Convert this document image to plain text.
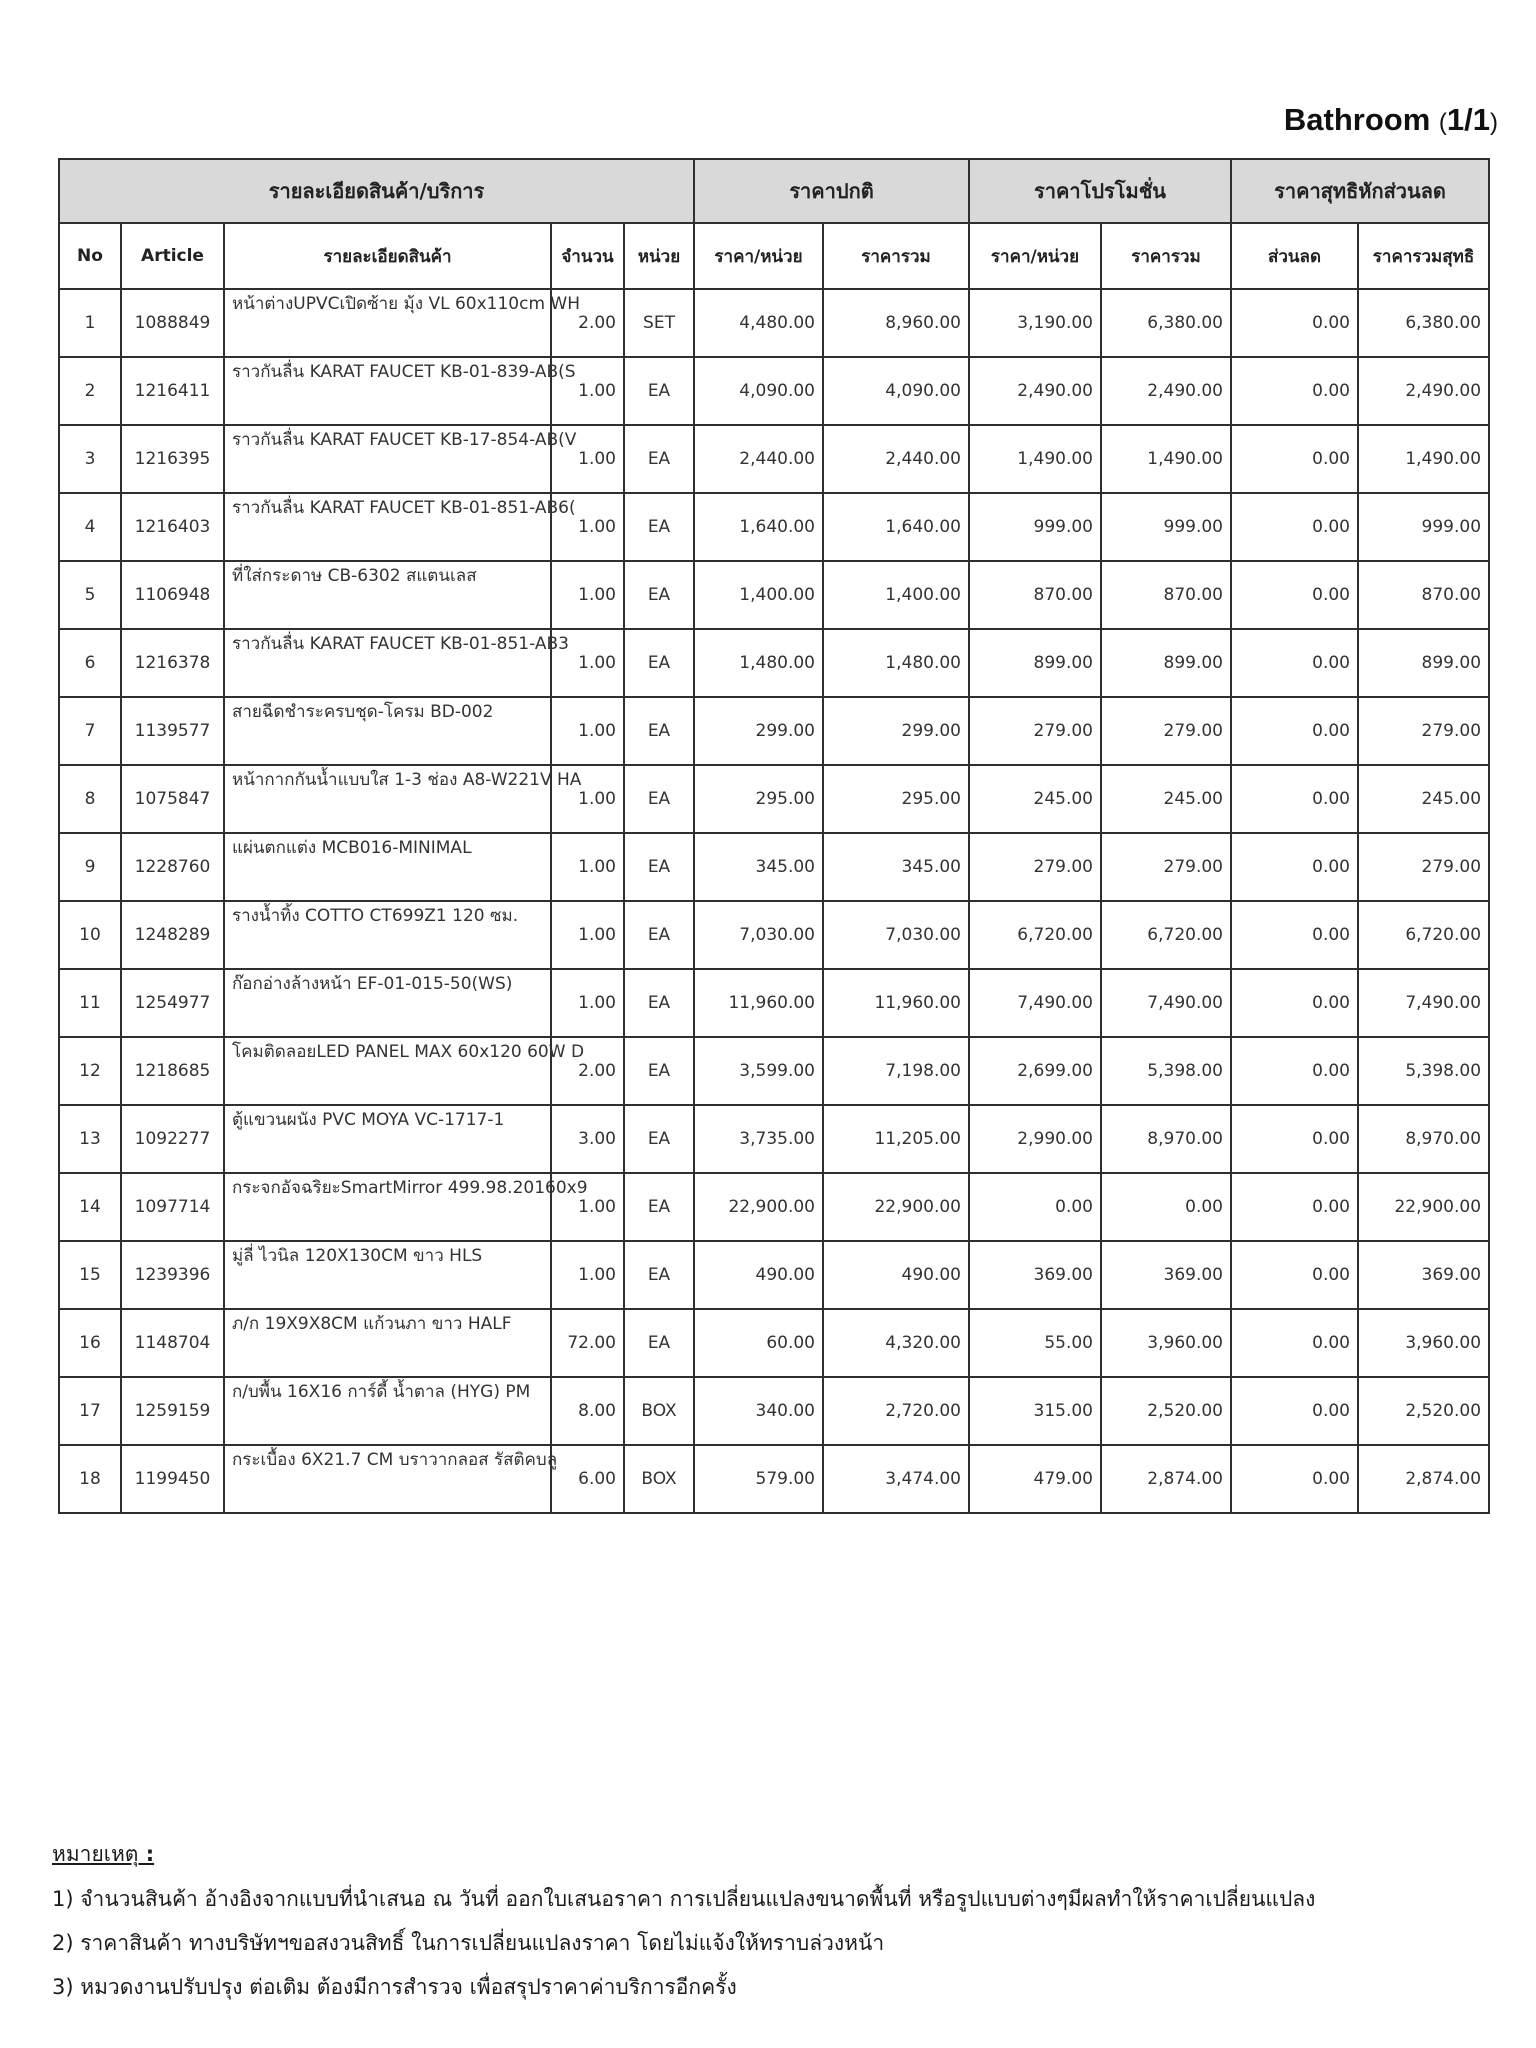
Bathroom (1/1)
รายละเอียดสินค้า/บริการ					ราคาปกติ		ราคาโปรโมชั่น		ราคาสุทธิหักส่วนลด	
No	Article	รายละเอียดสินค้า	จำนวน	หน่วย	ราคา/หน่วย	ราคารวม	ราคา/หน่วย	ราคารวม	ส่วนลด	ราคารวมสุทธิ
1	1088849	หน้าต่างUPVCเปิดซ้าย มุ้ง VL 60x110cm WH	2.00	SET	4,480.00	8,960.00	3,190.00	6,380.00	0.00	6,380.00
2	1216411	ราวกันลื่น KARAT FAUCET KB-01-839-AB(S	1.00	EA	4,090.00	4,090.00	2,490.00	2,490.00	0.00	2,490.00
3	1216395	ราวกันลื่น KARAT FAUCET KB-17-854-AB(V	1.00	EA	2,440.00	2,440.00	1,490.00	1,490.00	0.00	1,490.00
4	1216403	ราวกันลื่น KARAT FAUCET KB-01-851-AB6(	1.00	EA	1,640.00	1,640.00	999.00	999.00	0.00	999.00
5	1106948	ที่ใส่กระดาษ CB-6302 สแตนเลส	1.00	EA	1,400.00	1,400.00	870.00	870.00	0.00	870.00
6	1216378	ราวกันลื่น KARAT FAUCET KB-01-851-AB3	1.00	EA	1,480.00	1,480.00	899.00	899.00	0.00	899.00
7	1139577	สายฉีดชำระครบชุด-โครม BD-002	1.00	EA	299.00	299.00	279.00	279.00	0.00	279.00
8	1075847	หน้ากากกันน้ำแบบใส 1-3 ช่อง A8-W221V HA	1.00	EA	295.00	295.00	245.00	245.00	0.00	245.00
9	1228760	แผ่นตกแต่ง MCB016-MINIMAL	1.00	EA	345.00	345.00	279.00	279.00	0.00	279.00
10	1248289	รางน้ำทิ้ง COTTO CT699Z1 120 ซม.	1.00	EA	7,030.00	7,030.00	6,720.00	6,720.00	0.00	6,720.00
11	1254977	ก๊อกอ่างล้างหน้า EF-01-015-50(WS)	1.00	EA	11,960.00	11,960.00	7,490.00	7,490.00	0.00	7,490.00
12	1218685	โคมติดลอยLED PANEL MAX 60x120 60W D	2.00	EA	3,599.00	7,198.00	2,699.00	5,398.00	0.00	5,398.00
13	1092277	ตู้แขวนผนัง PVC MOYA VC-1717-1	3.00	EA	3,735.00	11,205.00	2,990.00	8,970.00	0.00	8,970.00
14	1097714	กระจกอัจฉริยะSmartMirror 499.98.20160x9	1.00	EA	22,900.00	22,900.00	0.00	0.00	0.00	22,900.00
15	1239396	มู่ลี่ ไวนิล 120X130CM ขาว HLS	1.00	EA	490.00	490.00	369.00	369.00	0.00	369.00
16	1148704	ภ/ก 19X9X8CM แก้วนภา ขาว HALF	72.00	EA	60.00	4,320.00	55.00	3,960.00	0.00	3,960.00
17	1259159	ก/บพื้น 16X16 การ์ดี้ น้ำตาล (HYG) PM	8.00	BOX	340.00	2,720.00	315.00	2,520.00	0.00	2,520.00
18	1199450	กระเบื้อง 6X21.7 CM บราวากลอส รัสติคบลู	6.00	BOX	579.00	3,474.00	479.00	2,874.00	0.00	2,874.00
หมายเหตุ :
1) จำนวนสินค้า อ้างอิงจากแบบที่นำเสนอ ณ วันที่ ออกใบเสนอราคา การเปลี่ยนแปลงขนาดพื้นที่ หรือรูปแบบต่างๆมีผลทำให้ราคาเปลี่ยนแปลง
2) ราคาสินค้า ทางบริษัทฯขอสงวนสิทธิ์ ในการเปลี่ยนแปลงราคา โดยไม่แจ้งให้ทราบล่วงหน้า
3) หมวดงานปรับปรุง ต่อเติม ต้องมีการสำรวจ เพื่อสรุปราคาค่าบริการอีกครั้ง
